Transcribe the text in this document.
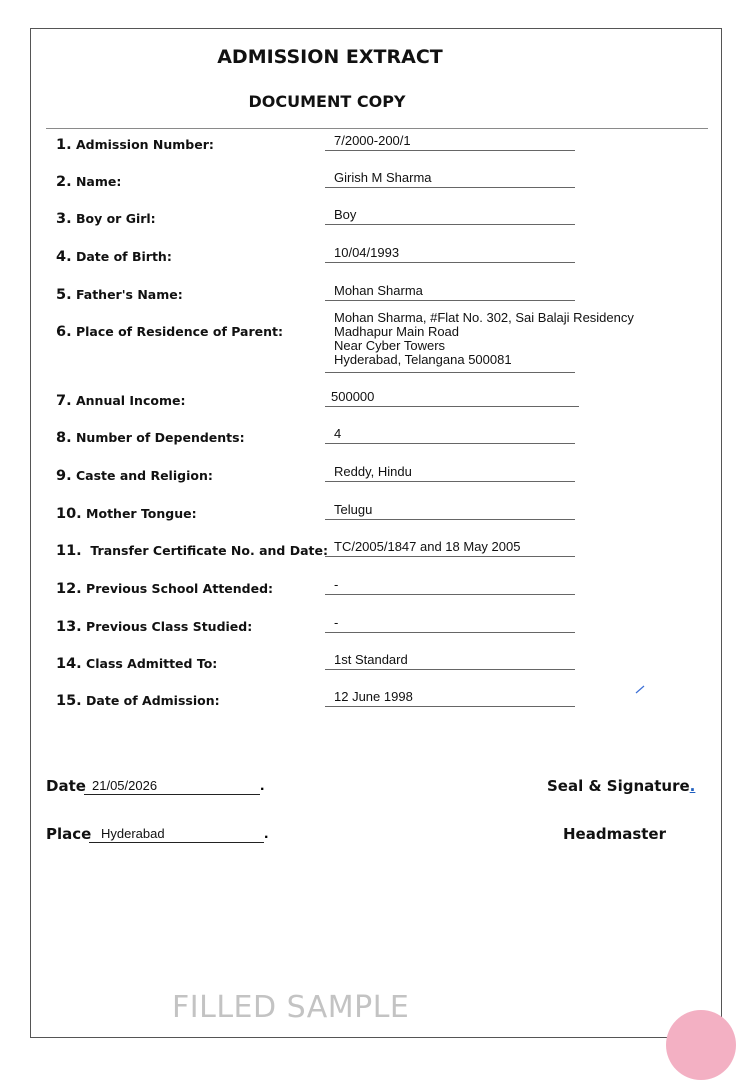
ADMISSION EXTRACT
DOCUMENT COPY
1. Admission Number:	7/2000-200/1
2. Name:	Girish M Sharma
3. Boy or Girl:	Boy
4. Date of Birth:	10/04/1993
5. Father's Name:	Mohan Sharma
6. Place of Residence of Parent:
Mohan Sharma, #Flat No. 302, Sai Balaji Residency
Madhapur Main Road
Near Cyber Towers
Hyderabad, Telangana 500081
7. Annual Income:	500000
8. Number of Dependents:	4
9. Caste and Religion:	Reddy, Hindu
10. Mother Tongue:	Telugu
11. Transfer Certificate No. and Date: TC/2005/1847 and 18 May 2005
12. Previous School Attended:	-
13. Previous Class Studied:	-
14. Class Admitted To:	1st Standard
15. Date of Admission:	12 June 1998
Date 21/05/2026	.	Seal & Signature.
Place Hyderabad	.	Headmaster
FILLED SAMPLE
